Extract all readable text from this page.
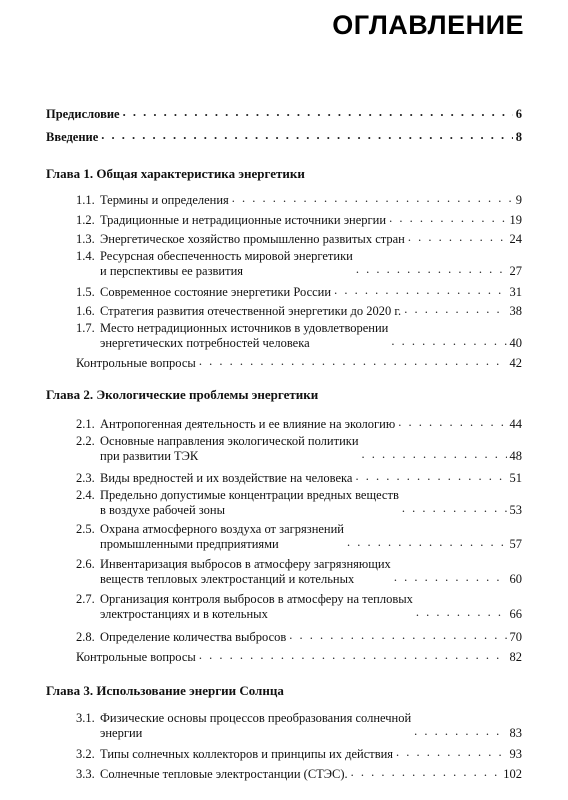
ОГЛАВЛЕНИЕ
Предисловие . . .	6
Введение . . .	8
Глава 1. Общая характеристика энергетики
1.1. Термины и определения . . .	9
1.2. Традиционные и нетрадиционные источники энергии . . .	19
1.3. Энергетическое хозяйство промышленно развитых стран . . .	24
1.4. Ресурсная обеспеченность мировой энергетики
и перспективы ее развития . . .	27
1.5. Современное состояние энергетики России . . .	31
1.6. Стратегия развития отечественной энергетики до 2020 г. . . .	38
1.7. Место нетрадиционных источников в удовлетворении
энергетических потребностей человека . . .	40
Контрольные вопросы . . .	42
Глава 2. Экологические проблемы энергетики
2.1. Антропогенная деятельность и ее влияние на экологию . . .	44
2.2. Основные направления экологической политики
при развитии ТЭК . . .	48
2.3. Виды вредностей и их воздействие на человека . . .	51
2.4. Предельно допустимые концентрации вредных веществ
в воздухе рабочей зоны . . .	53
2.5. Охрана атмосферного воздуха от загрязнений
промышленными предприятиями . . .	57
2.6. Инвентаризация выбросов в атмосферу загрязняющих
веществ тепловых электростанций и котельных . . .	60
2.7. Организация контроля выбросов в атмосферу на тепловых
электростанциях и в котельных . . .	66
2.8. Определение количества выбросов . . .	70
Контрольные вопросы . . .	82
Глава 3. Использование энергии Солнца
3.1. Физические основы процессов преобразования солнечной
энергии . . .	83
3.2. Типы солнечных коллекторов и принципы их действия . . .	93
3.3. Солнечные тепловые электростанции (СТЭС). . . .	102
